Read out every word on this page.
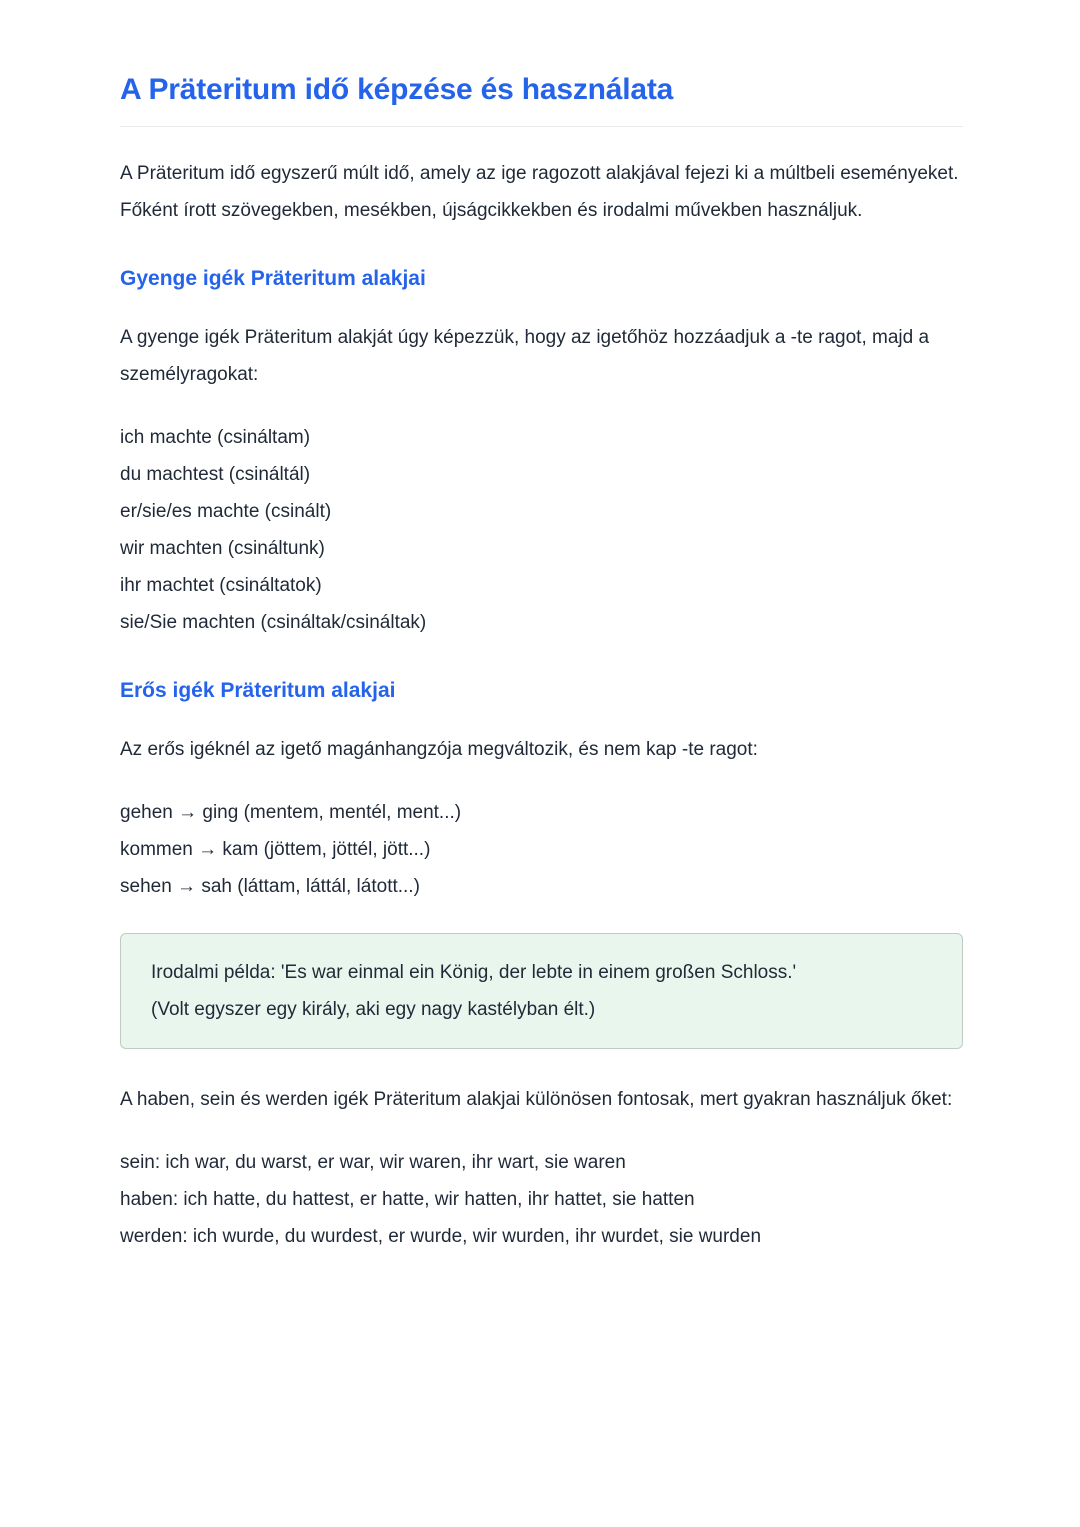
A Präteritum idő képzése és használata

A Präteritum idő egyszerű múlt idő, amely az ige ragozott alakjával fejezi ki a múltbeli eseményeket. Főként írott szövegekben, mesékben, újságcikkekben és irodalmi művekben használjuk.

Gyenge igék Präteritum alakjai

A gyenge igék Präteritum alakját úgy képezzük, hogy az igetőhöz hozzáadjuk a -te ragot, majd a személyragokat:

ich machte (csináltam)
du machtest (csináltál)
er/sie/es machte (csinált)
wir machten (csináltunk)
ihr machtet (csináltatok)
sie/Sie machten (csináltak/csináltak)
Erős igék Präteritum alakjai

Az erős igéknél az igető magánhangzója megváltozik, és nem kap -te ragot:

gehen → ging (mentem, mentél, ment...)
kommen → kam (jöttem, jöttél, jött...)
sehen → sah (láttam, láttál, látott...)
Irodalmi példa: 'Es war einmal ein König, der lebte in einem großen Schloss.'
(Volt egyszer egy király, aki egy nagy kastélyban élt.)

A haben, sein és werden igék Präteritum alakjai különösen fontosak, mert gyakran használjuk őket:

sein: ich war, du warst, er war, wir waren, ihr wart, sie waren
haben: ich hatte, du hattest, er hatte, wir hatten, ihr hattet, sie hatten
werden: ich wurde, du wurdest, er wurde, wir wurden, ihr wurdet, sie wurden
